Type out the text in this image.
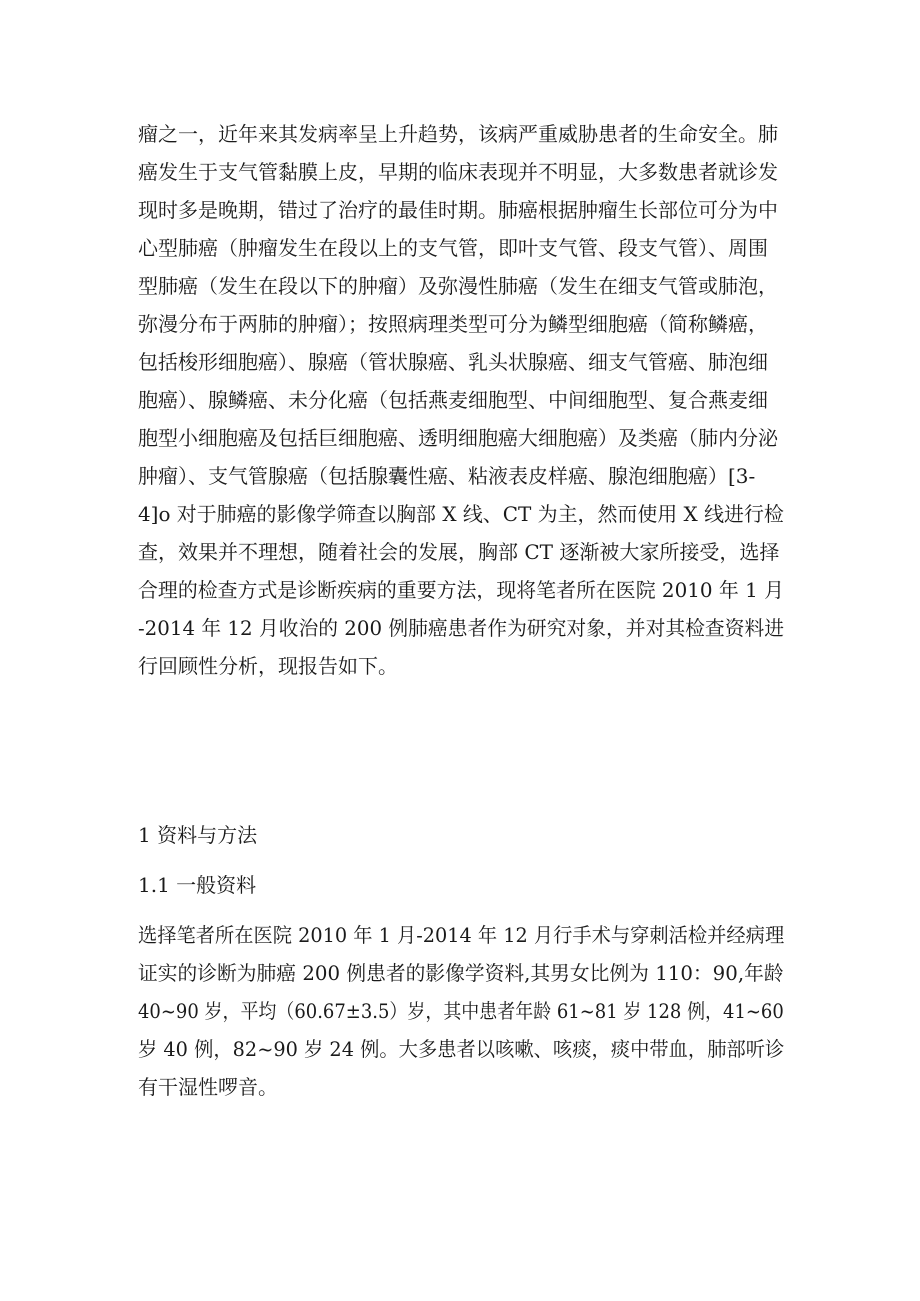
瘤之一，近年来其发病率呈上升趋势，该病严重威胁患者的生命安全。肺
癌发生于支气管黏膜上皮，早期的临床表现并不明显，大多数患者就诊发
现时多是晚期，错过了治疗的最佳时期。肺癌根据肿瘤生长部位可分为中
心型肺癌（肿瘤发生在段以上的支气管，即叶支气管、段支气管）、周围
型肺癌（发生在段以下的肿瘤）及弥漫性肺癌（发生在细支气管或肺泡，
弥漫分布于两肺的肿瘤）；按照病理类型可分为鳞型细胞癌（简称鳞癌，
包括梭形细胞癌）、腺癌（管状腺癌、乳头状腺癌、细支气管癌、肺泡细
胞癌）、腺鳞癌、未分化癌（包括燕麦细胞型、中间细胞型、复合燕麦细
胞型小细胞癌及包括巨细胞癌、透明细胞癌大细胞癌）及类癌（肺内分泌
肿瘤）、支气管腺癌（包括腺囊性癌、粘液表皮样癌、腺泡细胞癌）[3-
4]o 对于肺癌的影像学筛查以胸部 X 线、CT 为主，然而使用 X 线进行检
查，效果并不理想，随着社会的发展，胸部 CT 逐渐被大家所接受，选择
合理的检查方式是诊断疾病的重要方法，现将笔者所在医院 2010 年 1 月
-2014 年 12 月收治的 200 例肺癌患者作为研究对象，并对其检查资料进
行回顾性分析，现报告如下。
1 资料与方法
1.1 一般资料
选择笔者所在医院 2010 年 1 月-2014 年 12 月行手术与穿刺活检并经病理
证实的诊断为肺癌 200 例患者的影像学资料,其男女比例为 110：90,年龄
40~90 岁，平均（60.67±3.5）岁，其中患者年龄 61~81 岁 128 例，41~60
岁 40 例，82~90 岁 24 例。大多患者以咳嗽、咳痰，痰中带血，肺部听诊
有干湿性啰音。
